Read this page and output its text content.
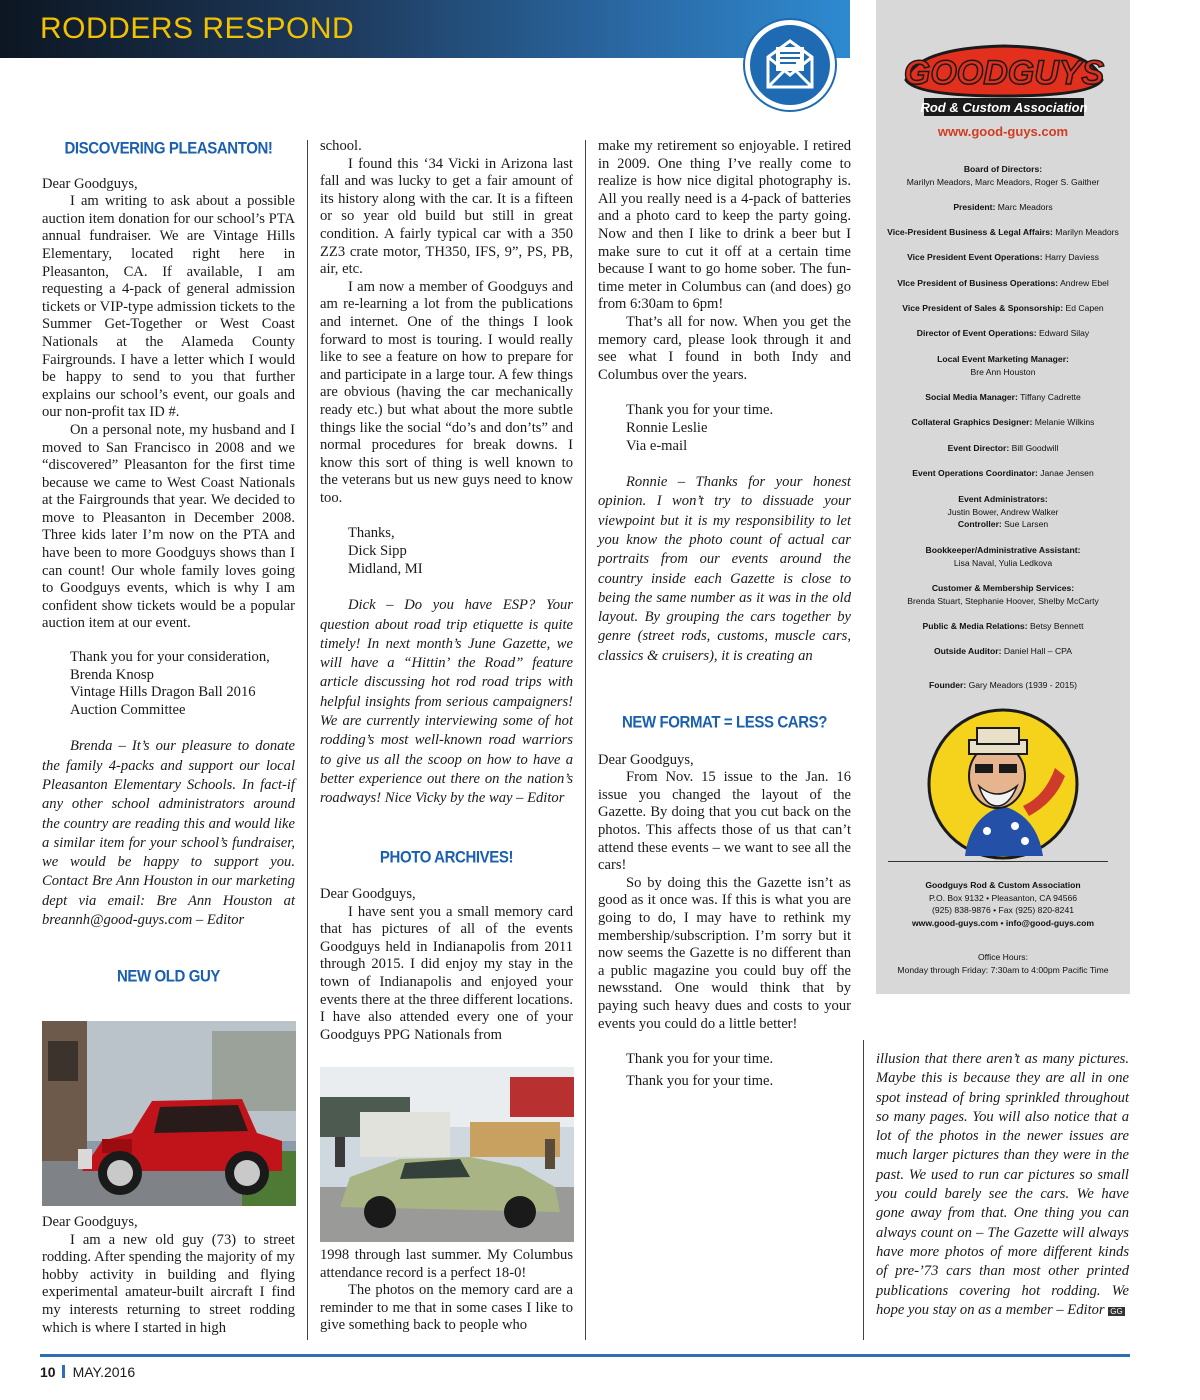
RODDERS RESPOND
DISCOVERING PLEASANTON!

Dear Goodguys,

I am writing to ask about a possible auction item donation for our school’s PTA annual fundraiser. We are Vintage Hills Elementary, located right here in Pleasanton, CA. If available, I am requesting a 4-pack of general admission tickets or VIP-type admission tickets to the Summer Get-Together or West Coast Nationals at the Alameda County Fairgrounds. I have a letter which I would be happy to send to you that further explains our school’s event, our goals and our non-profit tax ID #.

On a personal note, my husband and I moved to San Francisco in 2008 and we “discovered” Pleasanton for the first time because we came to West Coast Nationals at the Fairgrounds that year. We decided to move to Pleasanton in December 2008. Three kids later I’m now on the PTA and have been to more Goodguys shows than I can count! Our whole family loves going to Goodguys events, which is why I am confident show tickets would be a popular auction item at our event.

Thank you for your consideration,
Brenda Knosp
Vintage Hills Dragon Ball 2016
Auction Committee

Brenda – It’s our pleasure to donate the family 4-packs and support our local Pleasanton Elementary Schools. In fact-if any other school administrators around the country are reading this and would like a similar item for your school’s fundraiser, we would be happy to support you. Contact Bre Ann Houston in our marketing dept via email: Bre Ann Houston at breannh@good-guys.com – Editor

NEW OLD GUY

Dear Goodguys,

I am a new old guy (73) to street rodding. After spending the majority of my hobby activity in building and flying experimental amateur-built aircraft I find my interests returning to street rodding which is where I started in high

school.

I found this ‘34 Vicki in Arizona last fall and was lucky to get a fair amount of its history along with the car. It is a fifteen or so year old build but still in great condition. A fairly typical car with a 350 ZZ3 crate motor, TH350, IFS, 9”, PS, PB, air, etc.

I am now a member of Goodguys and am re-learning a lot from the publications and internet. One of the things I look forward to most is touring. I would really like to see a feature on how to prepare for and participate in a large tour. A few things are obvious (having the car mechanically ready etc.) but what about the more subtle things like the social “do’s and don’ts” and normal procedures for break downs. I know this sort of thing is well known to the veterans but us new guys need to know too.

Thanks,
Dick Sipp
Midland, MI

Dick – Do you have ESP? Your question about road trip etiquette is quite timely! In next month’s June Gazette, we will have a “Hittin’ the Road” feature article discussing hot rod road trips with helpful insights from serious campaigners! We are currently interviewing some of hot rodding’s most well-known road warriors to give us all the scoop on how to have a better experience out there on the nation’s roadways! Nice Vicky by the way – Editor

PHOTO ARCHIVES!

Dear Goodguys,

I have sent you a small memory card that has pictures of all of the events Goodguys held in Indianapolis from 2011 through 2015. I did enjoy my stay in the town of Indianapolis and enjoyed your events there at the three different locations. I have also attended every one of your Goodguys PPG Nationals from

1998 through last summer. My Columbus attendance record is a perfect 18-0!

The photos on the memory card are a reminder to me that in some cases I like to give something back to people who

make my retirement so enjoyable. I retired in 2009. One thing I’ve really come to realize is how nice digital photography is. All you really need is a 4-pack of batteries and a photo card to keep the party going. Now and then I like to drink a beer but I make sure to cut it off at a certain time because I want to go home sober. The fun-time meter in Columbus can (and does) go from 6:30am to 6pm!

That’s all for now. When you get the memory card, please look through it and see what I found in both Indy and Columbus over the years.

Thank you for your time.
Ronnie Leslie
Via e-mail

Ronnie – Thanks for your honest opinion. I won’t try to dissuade your viewpoint but it is my responsibility to let you know the photo count of actual car portraits from our events around the country inside each Gazette is close to being the same number as it was in the old layout. By grouping the cars together by genre (street rods, customs, muscle cars, classics & cruisers), it is creating an

NEW FORMAT = LESS CARS?

Dear Goodguys,

From Nov. 15 issue to the Jan. 16 issue you changed the layout of the Gazette. By doing that you cut back on the photos. This affects those of us that can’t attend these events – we want to see all the cars!

So by doing this the Gazette isn’t as good as it once was. If this is what you are going to do, I may have to rethink my membership/subscription. I’m sorry but it now seems the Gazette is no different than a public magazine you could buy off the newsstand. One would think that by paying such heavy dues and costs to your events you could do a little better!

Thank you for your time.
Thank you for your time.

illusion that there aren’t as many pictures. Maybe this is because they are all in one spot instead of bring sprinkled throughout so many pages. You will also notice that a lot of the photos in the newer issues are much larger pictures than they were in the past. We used to run car pictures so small you could barely see the cars. We have gone away from that. One thing you can always count on – The Gazette will always have more photos of more different kinds of pre-’73 cars than most other printed publications covering hot rodding. We hope you stay on as a member – Editor GG

GOODGUYS
Rod & Custom Association
www.good-guys.com
Board of Directors:
Marilyn Meadors, Marc Meadors, Roger S. Gaither
President: Marc Meadors
Vice-President Business & Legal Affairs: Marilyn Meadors
Vice President Event Operations: Harry Daviess
VIce President of Business Operations: Andrew Ebel
Vice President of Sales & Sponsorship: Ed Capen
Director of Event Operations: Edward Silay
Local Event Marketing Manager:
Bre Ann Houston
Social Media Manager: Tiffany Cadrette
Collateral Graphics Designer: Melanie Wilkins
Event Director: Bill Goodwill
Event Operations Coordinator: Janae Jensen
Event Administrators:
Justin Bower, Andrew Walker
Controller: Sue Larsen
Bookkeeper/Administrative Assistant:
Lisa Naval, Yulia Ledkova
Customer & Membership Services:
Brenda Stuart, Stephanie Hoover, Shelby McCarty
Public & Media Relations: Betsy Bennett
Outside Auditor: Daniel Hall – CPA
Founder: Gary Meadors (1939 - 2015)
Goodguys Rod & Custom Association
P.O. Box 9132 • Pleasanton, CA 94566
(925) 838-9876 • Fax (925) 820-8241
www.good-guys.com • info@good-guys.com
Office Hours:
Monday through Friday: 7:30am to 4:00pm Pacific Time
10 MAY.2016
